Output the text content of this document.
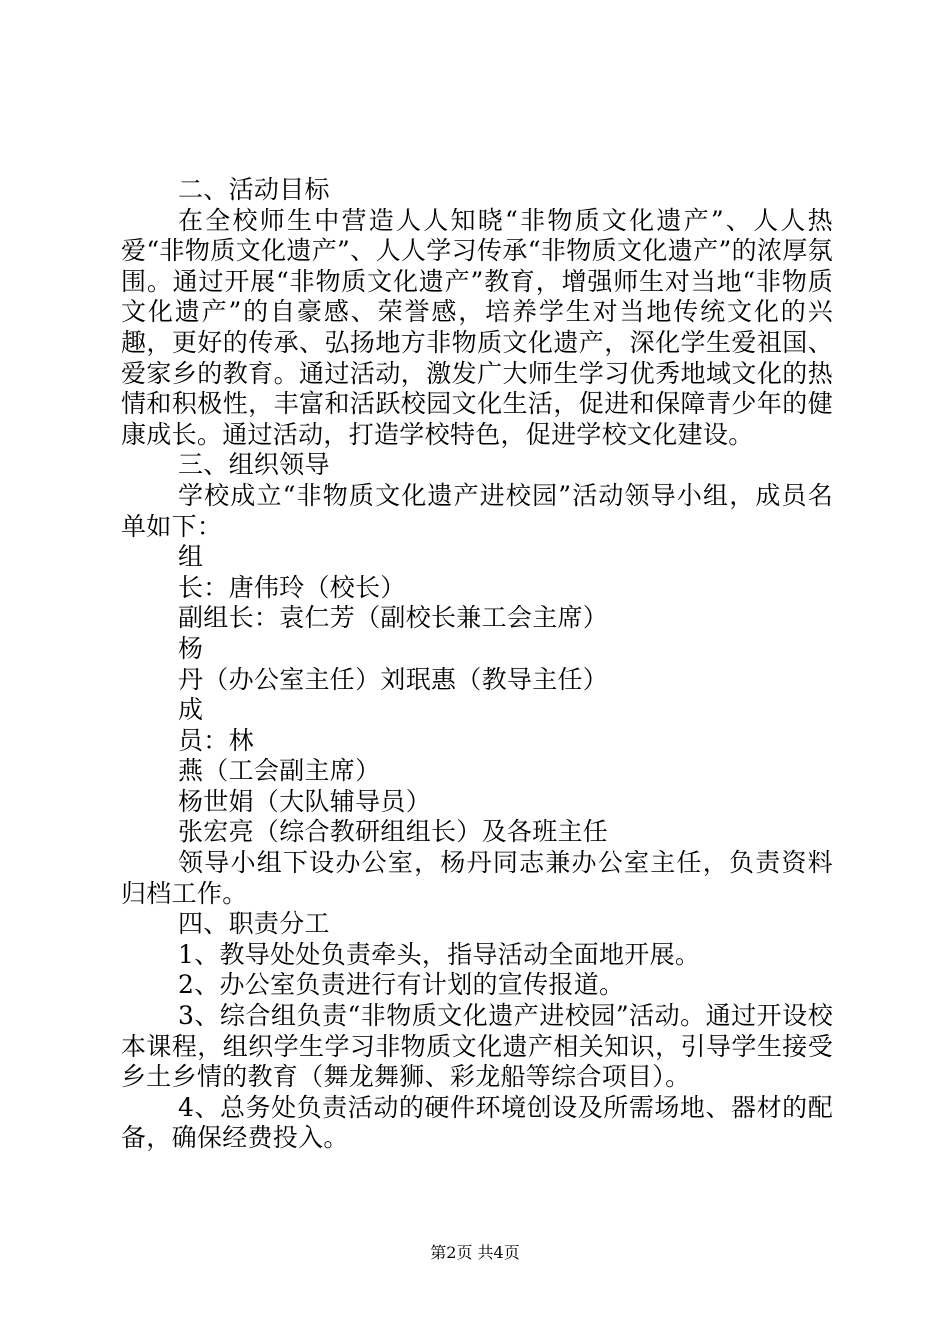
二、活动目标

在全校师生中营造人人知晓“非物质文化遗产”、人人热爱“非物质文化遗产”、人人学习传承“非物质文化遗产”的浓厚氛围。通过开展“非物质文化遗产”教育，增强师生对当地“非物质文化遗产”的自豪感、荣誉感，培养学生对当地传统文化的兴趣，更好的传承、弘扬地方非物质文化遗产，深化学生爱祖国、爱家乡的教育。通过活动，激发广大师生学习优秀地域文化的热情和积极性，丰富和活跃校园文化生活，促进和保障青少年的健康成长。通过活动，打造学校特色，促进学校文化建设。

三、组织领导

学校成立“非物质文化遗产进校园”活动领导小组，成员名单如下：

组

长：唐伟玲（校长）

副组长：袁仁芳（副校长兼工会主席）

杨

丹（办公室主任）刘珉惠（教导主任）

成

员：林

燕（工会副主席）

杨世娟（大队辅导员）

张宏亮（综合教研组组长）及各班主任

领导小组下设办公室，杨丹同志兼办公室主任，负责资料归档工作。

四、职责分工

1、教导处处负责牵头，指导活动全面地开展。

2、办公室负责进行有计划的宣传报道。

3、综合组负责“非物质文化遗产进校园”活动。通过开设校本课程，组织学生学习非物质文化遗产相关知识，引导学生接受乡土乡情的教育（舞龙舞狮、彩龙船等综合项目）。

4、总务处负责活动的硬件环境创设及所需场地、器材的配备，确保经费投入。

第2页 共4页
